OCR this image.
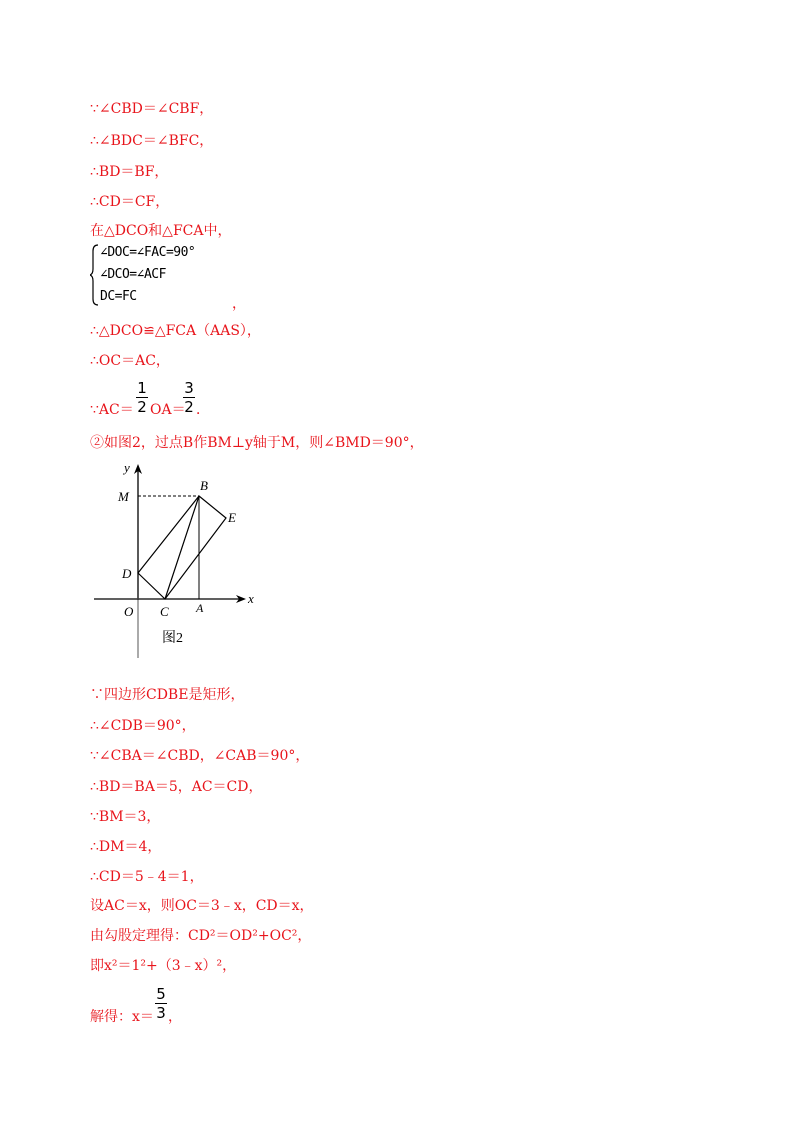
∵∠CBD＝∠CBF，
∴∠BDC＝∠BFC，
∴BD＝BF，
∴CD＝CF，
在△DCO和△FCA中，
∠DOC=∠FAC=90°
∠DCO=∠ACF
DC=FC	，
∴△DCO≌△FCA（AAS），
∴OC＝AC，
∵AC＝
1
2 OA＝
3
2 ．
②如图2，过点B作BM⊥y轴于M，则∠BMD＝90°，
y
M
B
E
D
x
O C A
图2
∵四边形CDBE是矩形，
∴∠CDB＝90°，
∵∠CBA＝∠CBD，∠CAB＝90°，
∴BD＝BA＝5，AC＝CD，
∵BM＝3，
∴DM＝4，
∴CD＝5﹣4＝1，
设AC＝x，则OC＝3﹣x，CD＝x，
由勾股定理得：CD²＝OD²+OC²，
即x²＝1²+（3﹣x）²，
解得：x＝
5
3 ，
